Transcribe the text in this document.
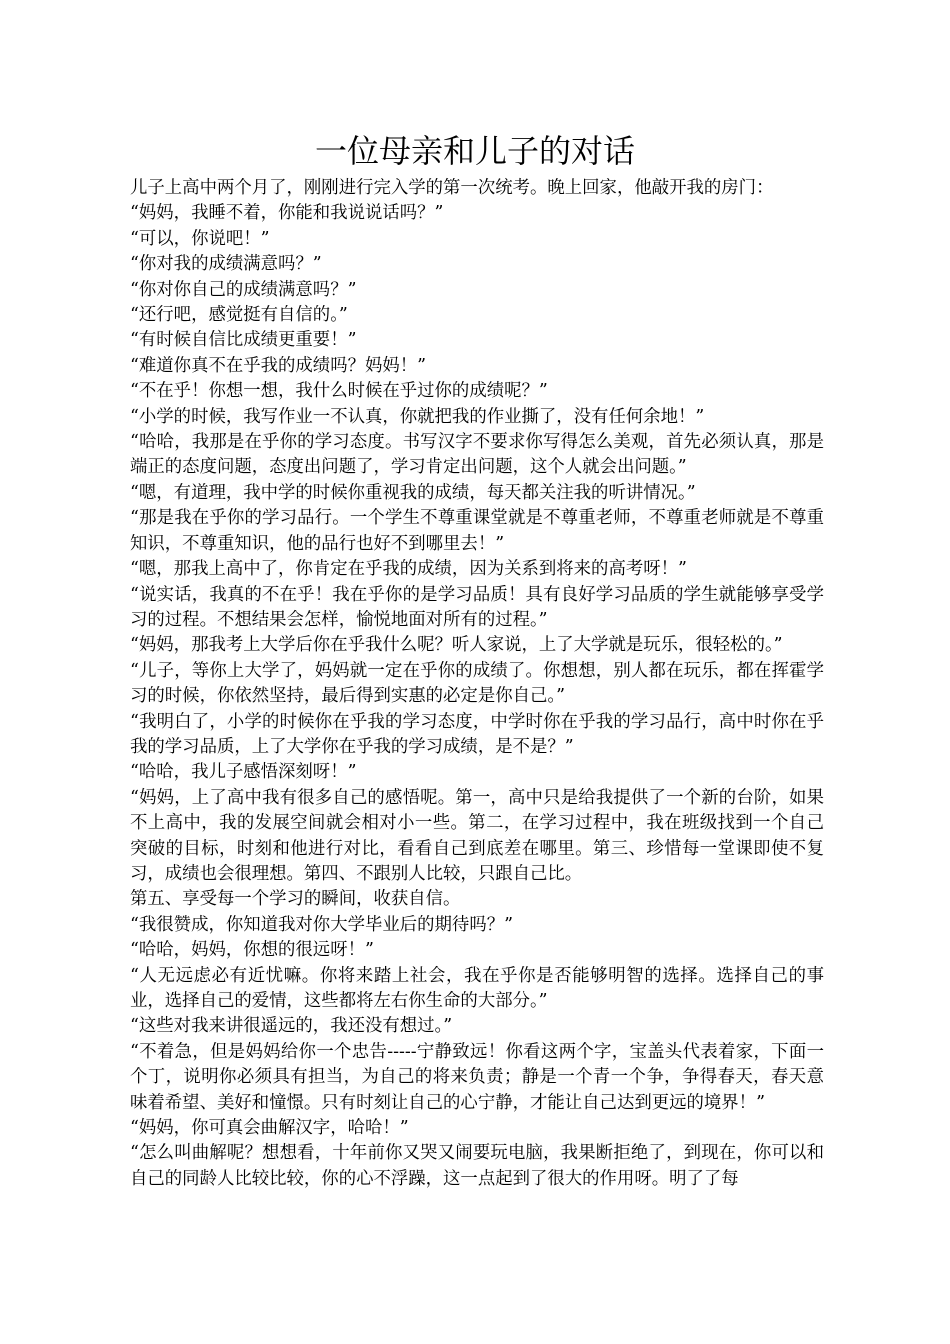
一位母亲和儿子的对话

儿子上高中两个月了，刚刚进行完入学的第一次统考。晚上回家，他敲开我的房门：

“妈妈，我睡不着，你能和我说说话吗？”

“可以，你说吧！”

“你对我的成绩满意吗？”

“你对你自己的成绩满意吗？”

“还行吧，感觉挺有自信的。”

“有时候自信比成绩更重要！”

“难道你真不在乎我的成绩吗？妈妈！”

“不在乎！你想一想，我什么时候在乎过你的成绩呢？”

“小学的时候，我写作业一不认真，你就把我的作业撕了，没有任何余地！”

“哈哈，我那是在乎你的学习态度。书写汉字不要求你写得怎么美观，首先必须认真，那是端正的态度问题，态度出问题了，学习肯定出问题，这个人就会出问题。”

“嗯，有道理，我中学的时候你重视我的成绩，每天都关注我的听讲情况。”

“那是我在乎你的学习品行。一个学生不尊重课堂就是不尊重老师，不尊重老师就是不尊重知识，不尊重知识，他的品行也好不到哪里去！”

“嗯，那我上高中了，你肯定在乎我的成绩，因为关系到将来的高考呀！”

“说实话，我真的不在乎！我在乎你的是学习品质！具有良好学习品质的学生就能够享受学习的过程。不想结果会怎样，愉悦地面对所有的过程。”

“妈妈，那我考上大学后你在乎我什么呢？听人家说，上了大学就是玩乐，很轻松的。”

“儿子，等你上大学了，妈妈就一定在乎你的成绩了。你想想，别人都在玩乐，都在挥霍学习的时候，你依然坚持，最后得到实惠的必定是你自己。”

“我明白了，小学的时候你在乎我的学习态度，中学时你在乎我的学习品行，高中时你在乎我的学习品质，上了大学你在乎我的学习成绩，是不是？”

“哈哈，我儿子感悟深刻呀！”

“妈妈，上了高中我有很多自己的感悟呢。第一，高中只是给我提供了一个新的台阶，如果不上高中，我的发展空间就会相对小一些。第二，在学习过程中，我在班级找到一个自己突破的目标，时刻和他进行对比，看看自己到底差在哪里。第三、珍惜每一堂课即使不复习，成绩也会很理想。第四、不跟别人比较，只跟自己比。

第五、享受每一个学习的瞬间，收获自信。

“我很赞成，你知道我对你大学毕业后的期待吗？”

“哈哈，妈妈，你想的很远呀！”

“人无远虑必有近忧嘛。你将来踏上社会，我在乎你是否能够明智的选择。选择自己的事业，选择自己的爱情，这些都将左右你生命的大部分。”

“这些对我来讲很遥远的，我还没有想过。”

“不着急，但是妈妈给你一个忠告-----宁静致远！你看这两个字，宝盖头代表着家，下面一个丁，说明你必须具有担当，为自己的将来负责；静是一个青一个争，争得春天，春天意味着希望、美好和憧憬。只有时刻让自己的心宁静，才能让自己达到更远的境界！”

“妈妈，你可真会曲解汉字，哈哈！”

“怎么叫曲解呢？想想看，十年前你又哭又闹要玩电脑，我果断拒绝了，到现在，你可以和自己的同龄人比较比较，你的心不浮躁，这一点起到了很大的作用呀。明了了每
